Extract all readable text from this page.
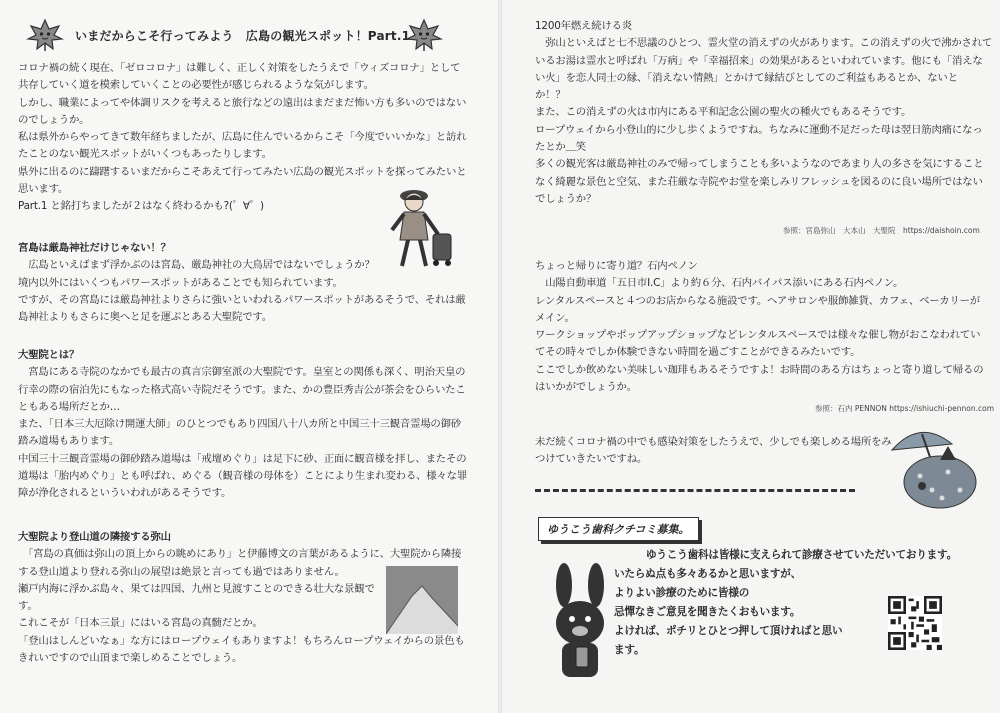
いまだからこそ行ってみよう　広島の観光スポット！Part.1
コロナ禍の続く現在、「ゼロコロナ」は難しく、正しく対策をしたうえで「ウィズコロナ」として
共存していく道を模索していくことの必要性が感じられるような気がします。
しかし、職業によってや体調リスクを考えると旅行などの遠出はまだまだ怖い方も多いのではない
のでしょうか。
私は県外からやってきて数年経ちましたが、広島に住んでいるからこそ「今度でいいかな」と訪れ
たことのない観光スポットがいくつもあったりします。
県外に出るのに躊躇するいまだからこそあえて行ってみたい広島の観光スポットを探ってみたいと
思います。
Part.1 と銘打ちましたが２はなく終わるかも?(゜∀゜)
宮島は厳島神社だけじゃない！？
　広島といえばまず浮かぶのは宮島、厳島神社の大鳥居ではないでしょうか？
境内以外にはいくつもパワースポットがあることでも知られています。
ですが、その宮島には厳島神社よりさらに強いといわれるパワースポットがあるそうで、それは厳
島神社よりもさらに奥へと足を運ぶとある大聖院です。
大聖院とは？
　宮島にある寺院のなかでも最古の真言宗御室派の大聖院です。皇室との関係も深く、明治天皇の
行幸の際の宿泊先にもなった格式高い寺院だそうです。また、かの豊臣秀吉公が茶会をひらいたこ
ともある場所だとか…
また、「日本三大厄除け開運大師」のひとつでもあり四国八十八カ所と中国三十三観音霊場の御砂
踏み道場もあります。
中国三十三観音霊場の御砂踏み道場は「戒壇めぐり」は足下に砂、正面に観音様を拝し、またその
道場は「胎内めぐり」とも呼ばれ、めぐる（観音様の母体を）ことにより生まれ変わる、様々な罪
障が浄化されるといういわれがあるそうです。
大聖院より登山道の隣接する弥山
　「宮島の真価は弥山の頂上からの眺めにあり」と伊藤博文の言葉があるように、大聖院から隣接
する登山道より登れる弥山の展望は絶景と言っても過ではありません。
瀬戸内海に浮かぶ島々、果ては四国、九州と見渡すことのできる壮大な景観で
す。
これこそが「日本三景」にはいる宮島の真髄だとか。
「登山はしんどいなぁ」な方にはロープウェイもありますよ！もちろんロープウェイからの景色も
きれいですので山頂まで楽しめることでしょう。
1200年燃え続ける炎
　弥山といえばと七不思議のひとつ、霊火堂の消えずの火があります。この消えずの火で沸かされて
いるお湯は霊水と呼ばれ「万病」や「幸福招来」の効果があるといわれています。他にも「消えな
い火」を恋人同士の縁、「消えない情熱」とかけて縁結びとしてのご利益もあるとか、ないと
か！？
また、この消えずの火は市内にある平和記念公園の聖火の種火でもあるそうです。
ロープウェイから小登山的に少し歩くようですね。ちなみに運動不足だった母は翌日筋肉痛になっ
たとか＿笑
多くの観光客は厳島神社のみで帰ってしまうことも多いようなのであまり人の多さを気にすること
なく綺麗な景色と空気、また荘厳な寺院やお堂を楽しみリフレッシュを図るのに良い場所ではない
でしょうか？
参照：宮島弥山　大本山　大聖院　https://daishoin.com
ちょっと帰りに寄り道？石内ペノン
　山陽自動車道「五日市I.C」より約６分、石内バイパス添いにある石内ペノン。
レンタルスペースと４つのお店からなる施設です。ヘアサロンや服飾雑貨、カフェ、ベーカリーが
メイン。
ワークショップやポップアップショップなどレンタルスペースでは様々な催し物がおこなわれてい
てその時々でしか体験できない時間を過ごすことができるみたいです。
ここでしか飲めない美味しい珈琲もあるそうですよ！お時間のある方はちょっと寄り道して帰るの
はいかがでしょうか。
参照：石内 PENNON https://ishiuchi-pennon.com
未だ続くコロナ禍の中でも感染対策をしたうえで、少しでも楽しめる場所をみ
つけていきたいですね。
ゆうこう歯科クチコミ募集。
ゆうこう歯科は皆様に支えられて診療させていただいております。
いたらぬ点も多々あるかと思いますが、
よりよい診療のために皆様の
忌憚なきご意見を聞きたくおもいます。
よければ、ポチリとひとつ押して頂ければと思い
ます。
